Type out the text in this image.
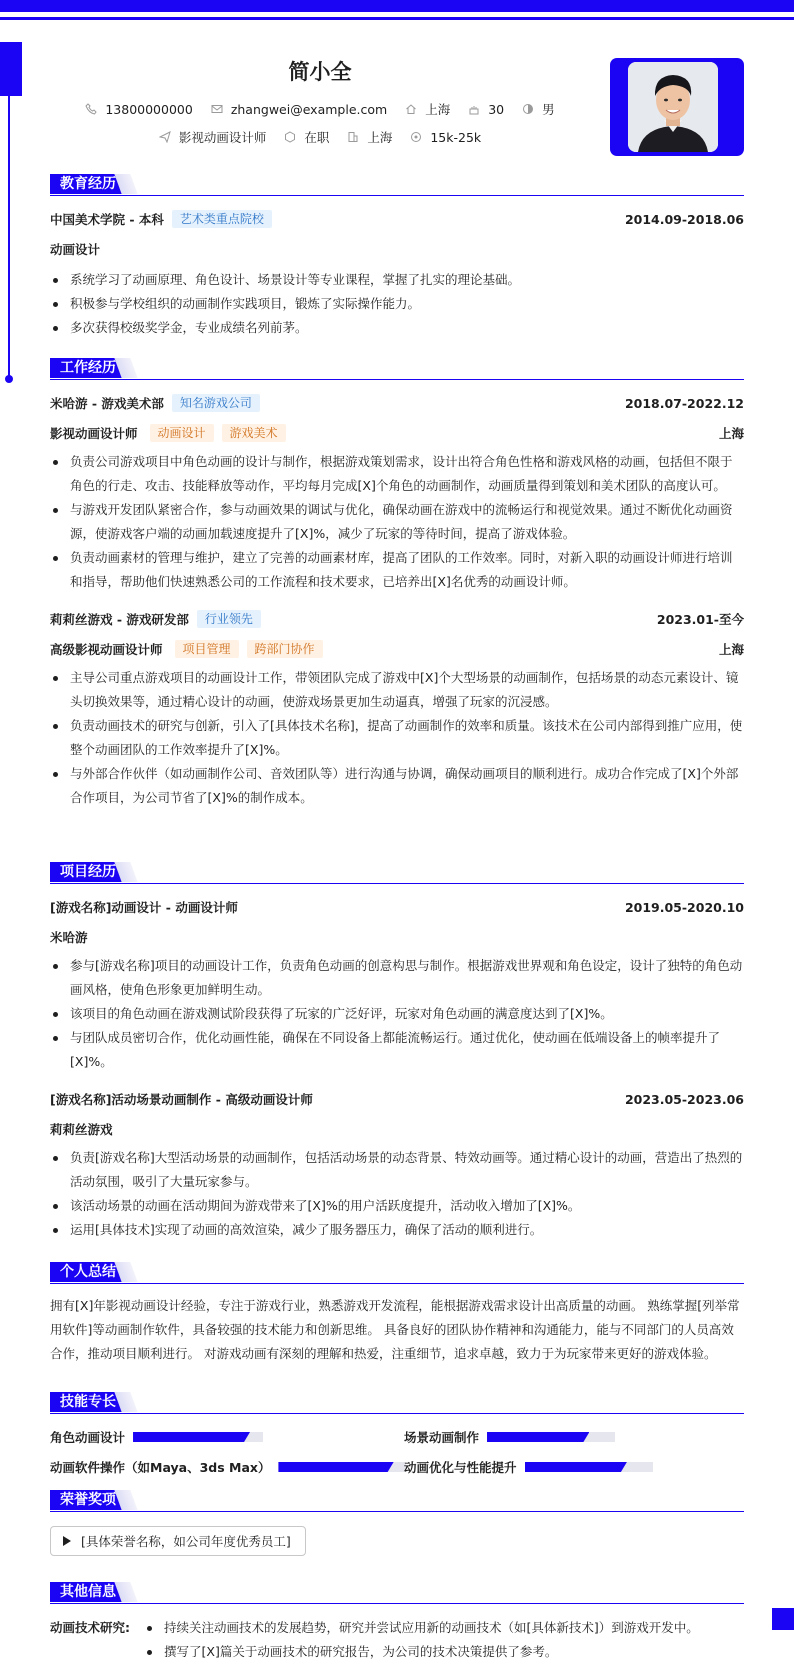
简小全
13800000000	zhangwei@example.com	上海	30	男
影视动画设计师	在职	上海	15k-25k
教育经历
中国美术学院 - 本科	艺术类重点院校	2014.09-2018.06
动画设计
系统学习了动画原理、角色设计、场景设计等专业课程，掌握了扎实的理论基础。
积极参与学校组织的动画制作实践项目，锻炼了实际操作能力。
多次获得校级奖学金，专业成绩名列前茅。
工作经历
米哈游 - 游戏美术部	知名游戏公司	2018.07-2022.12
影视动画设计师	动画设计	游戏美术	上海
负责公司游戏项目中角色动画的设计与制作，根据游戏策划需求，设计出符合角色性格和游戏风格的动画，包括但不限于角色的行走、攻击、技能释放等动作，平均每月完成[X]个角色的动画制作，动画质量得到策划和美术团队的高度认可。
与游戏开发团队紧密合作，参与动画效果的调试与优化，确保动画在游戏中的流畅运行和视觉效果。通过不断优化动画资源，使游戏客户端的动画加载速度提升了[X]%，减少了玩家的等待时间，提高了游戏体验。
负责动画素材的管理与维护，建立了完善的动画素材库，提高了团队的工作效率。同时，对新入职的动画设计师进行培训和指导，帮助他们快速熟悉公司的工作流程和技术要求，已培养出[X]名优秀的动画设计师。
莉莉丝游戏 - 游戏研发部	行业领先	2023.01-至今
高级影视动画设计师	项目管理	跨部门协作	上海
主导公司重点游戏项目的动画设计工作，带领团队完成了游戏中[X]个大型场景的动画制作，包括场景的动态元素设计、镜头切换效果等，通过精心设计的动画，使游戏场景更加生动逼真，增强了玩家的沉浸感。
负责动画技术的研究与创新，引入了[具体技术名称]，提高了动画制作的效率和质量。该技术在公司内部得到推广应用，使整个动画团队的工作效率提升了[X]%。
与外部合作伙伴（如动画制作公司、音效团队等）进行沟通与协调，确保动画项目的顺利进行。成功合作完成了[X]个外部合作项目，为公司节省了[X]%的制作成本。
项目经历
[游戏名称]动画设计 - 动画设计师	2019.05-2020.10
米哈游
参与[游戏名称]项目的动画设计工作，负责角色动画的创意构思与制作。根据游戏世界观和角色设定，设计了独特的角色动画风格，使角色形象更加鲜明生动。
该项目的角色动画在游戏测试阶段获得了玩家的广泛好评，玩家对角色动画的满意度达到了[X]%。
与团队成员密切合作，优化动画性能，确保在不同设备上都能流畅运行。通过优化，使动画在低端设备上的帧率提升了[X]%。
[游戏名称]活动场景动画制作 - 高级动画设计师	2023.05-2023.06
莉莉丝游戏
负责[游戏名称]大型活动场景的动画制作，包括活动场景的动态背景、特效动画等。通过精心设计的动画，营造出了热烈的活动氛围，吸引了大量玩家参与。
该活动场景的动画在活动期间为游戏带来了[X]%的用户活跃度提升，活动收入增加了[X]%。
运用[具体技术]实现了动画的高效渲染，减少了服务器压力，确保了活动的顺利进行。
个人总结
拥有[X]年影视动画设计经验，专注于游戏行业，熟悉游戏开发流程，能根据游戏需求设计出高质量的动画。 熟练掌握[列举常用软件]等动画制作软件，具备较强的技术能力和创新思维。 具备良好的团队协作精神和沟通能力，能与不同部门的人员高效合作，推动项目顺利进行。 对游戏动画有深刻的理解和热爱，注重细节，追求卓越，致力于为玩家带来更好的游戏体验。
技能专长
角色动画设计	场景动画制作
动画软件操作（如Maya、3ds Max）	动画优化与性能提升
荣誉奖项
[具体荣誉名称，如公司年度优秀员工]
其他信息
动画技术研究:	持续关注动画技术的发展趋势，研究并尝试应用新的动画技术（如[具体新技术]）到游戏开发中。
撰写了[X]篇关于动画技术的研究报告，为公司的技术决策提供了参考。
